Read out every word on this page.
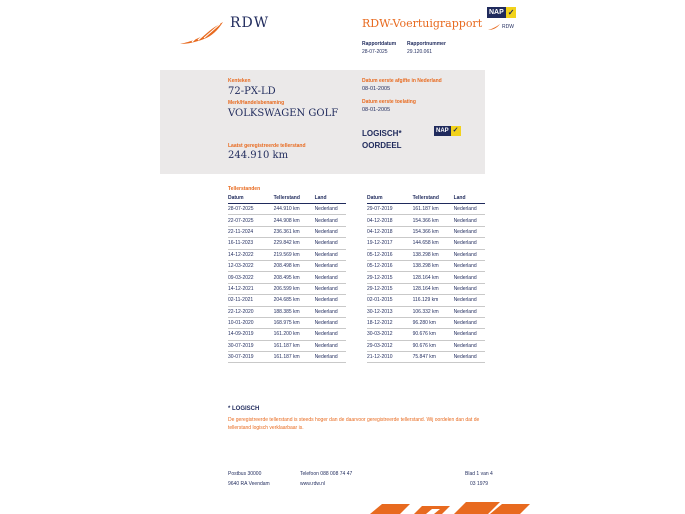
RDW	RDW-Voertuigrapport
NAP ✓
RDW
Rapportdatum
28-07-2025
Rapportnummer
29.120.061
Kenteken
72-PX-LD
Merk/Handelsbenaming
VOLKSWAGEN GOLF
Laatst geregistreerde tellerstand
244.910 km
Datum eerste afgifte in Nederland
08-01-2005
Datum eerste toelating
08-01-2005
LOGISCH*
OORDEEL
NAP ✓
Tellerstanden
Datum	Tellerstand	Land
28-07-2025	244.910 km	Nederland
22-07-2025	244.908 km	Nederland
22-11-2024	236.361 km	Nederland
16-11-2023	229.842 km	Nederland
14-12-2022	219.569 km	Nederland
12-03-2022	208.498 km	Nederland
09-03-2022	208.495 km	Nederland
14-12-2021	206.599 km	Nederland
02-11-2021	204.685 km	Nederland
22-12-2020	188.385 km	Nederland
10-01-2020	168.975 km	Nederland
14-09-2019	161.200 km	Nederland
30-07-2019	161.187 km	Nederland
30-07-2019	161.187 km	Nederland
Datum	Tellerstand	Land
29-07-2019	161.187 km	Nederland
04-12-2018	154.366 km	Nederland
04-12-2018	154.366 km	Nederland
19-12-2017	144.658 km	Nederland
05-12-2016	138.298 km	Nederland
05-12-2016	138.298 km	Nederland
29-12-2015	128.164 km	Nederland
29-12-2015	128.164 km	Nederland
02-01-2015	116.129 km	Nederland
30-12-2013	106.332 km	Nederland
18-12-2012	96.280 km	Nederland
30-03-2012	90.676 km	Nederland
29-03-2012	90.676 km	Nederland
21-12-2010	75.847 km	Nederland
* LOGISCH
De geregistreerde tellerstand is steeds hoger dan de daarvoor geregistreerde tellerstand. Wij oordelen dan dat de tellerstand logisch verklaarbaar is.
Postbus 30000
9640 RA Veendam
Telefoon 088 008 74 47
www.rdw.nl
Blad 1 van 4
03 1979
